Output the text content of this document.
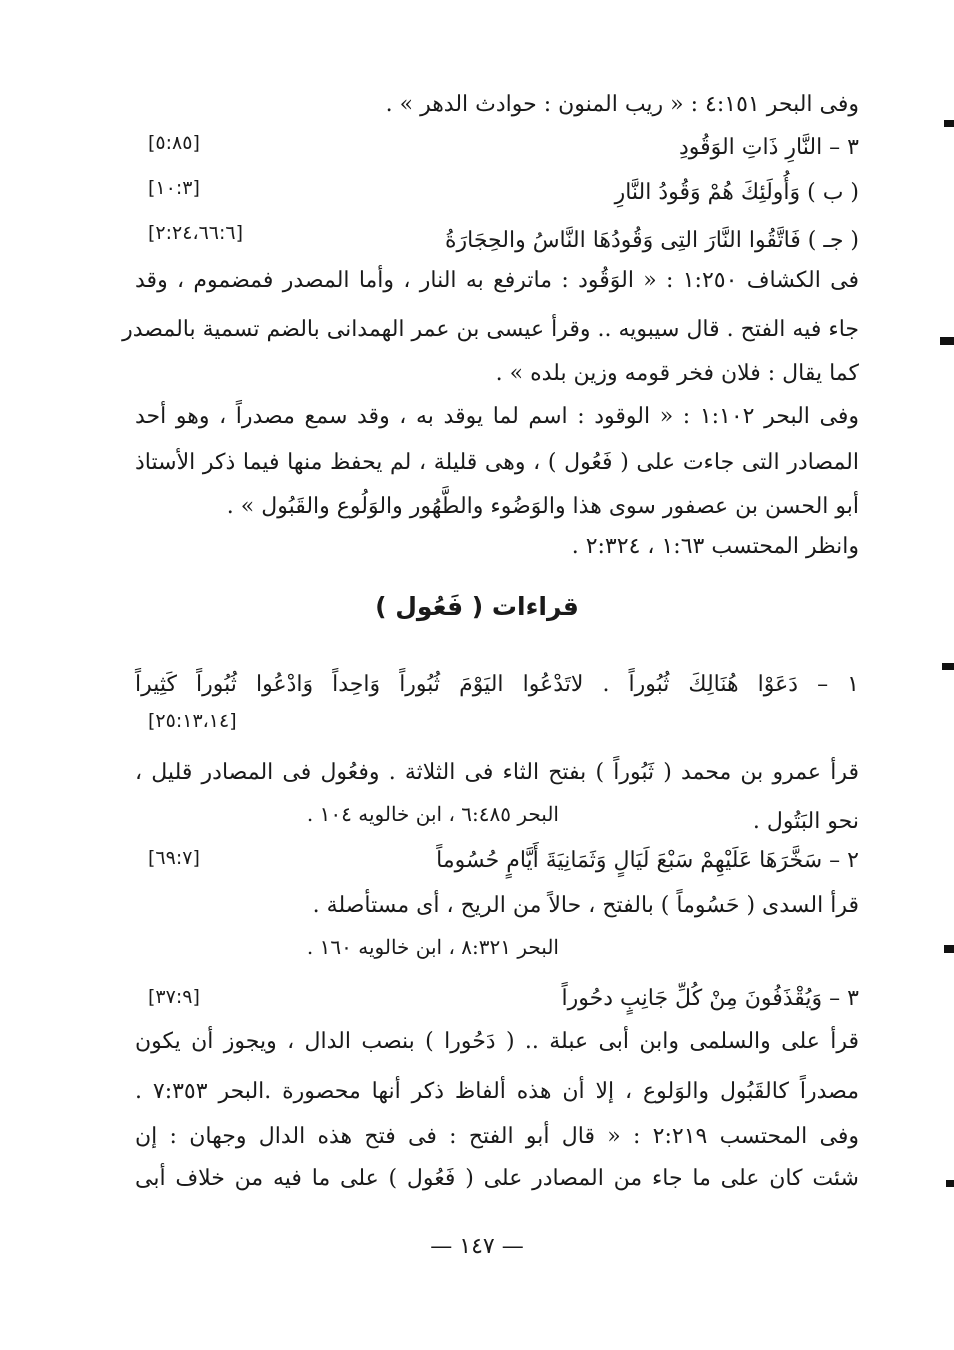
وفى البحر ٤:١٥١ : « ريب المنون : حوادث الدهر » .
٣ – النَّارِ ذَاتِ الوَقُودِ
[٥:٨٥]
( ب ) وَأُولَئِكَ هُمْ وَقُودُ النَّارِ
[١٠:٣]
( جـ ) فَاتَّقُوا النَّارَ التِى وَقُودُهَا النَّاسُ والحِجَارَةُ
[٢:٢٤،٦٦:٦]
فى الكشاف ١:٢٥٠ : « الوَقُود : ماترفع به النار ، وأما المصدر فمضموم ، وقد
جاء فيه الفتح . قال سيبويه .. وقرأ عيسى بن عمر الهمدانى بالضم تسمية بالمصدر
كما يقال : فلان فخر قومه وزين بلده » .
وفى البحر ١:١٠٢ : « الوقود : اسم لما يوقد به ، وقد سمع مصدراً ، وهو أحد
المصادر التى جاءت على ( فَعُول ) ، وهى قليلة ، لم يحفظ منها فيما ذكر الأستاذ
أبو الحسن بن عصفور سوى هذا والوَضُوء والطَّهُور والوَلُوع والقَبُول » .
وانظر المحتسب ١:٦٣ ، ٢:٣٢٤ .
قراءات ( فَعُول )
١ – دَعَوْا هُنَالِكَ ثُبُوراً . لاتَدْعُوا اليَوْمَ ثُبُوراً وَاحِداً وَادْعُوا ثُبُوراً كَثِيراً
[٢٥:١٣،١٤]
قرأ عمرو بن محمد ( ثَبُوراً ) بفتح الثاء فى الثلاثة . وفعُول فى المصادر قليل ،
نحو البَتُول .
البحر ٦:٤٨٥ ، ابن خالويه ١٠٤ .
٢ – سَخَّرَهَا عَلَيْهِمْ سَبْعَ لَيَالٍ وَثَمَانِيَةَ أَيَّامٍ حُسُوماً
[٦٩:٧]
قرأ السدى ( حَسُوماً ) بالفتح ، حالاً من الريح ، أى مستأصلة .
البحر ٨:٣٢١ ، ابن خالويه ١٦٠ .
٣ – وَيُقْذَفُونَ مِنْ كُلِّ جَانِبٍ دحُوراً
[٣٧:٩]
قرأ على والسلمى وابن أبى عبلة .. ( دَحُورا ) بنصب الدال ، ويجوز أن يكون
مصدراً كالقَبُول والوَلوع ، إلا أن هذه ألفاظ ذكر أنها محصورة .البحر ٧:٣٥٣ .
وفى المحتسب ٢:٢١٩ : « قال أبو الفتح : فى فتح هذه الدال وجهان : إن
شئت كان على ما جاء من المصادر على ( فَعُول ) على ما فيه من خلاف أبى
— ١٤٧ —
